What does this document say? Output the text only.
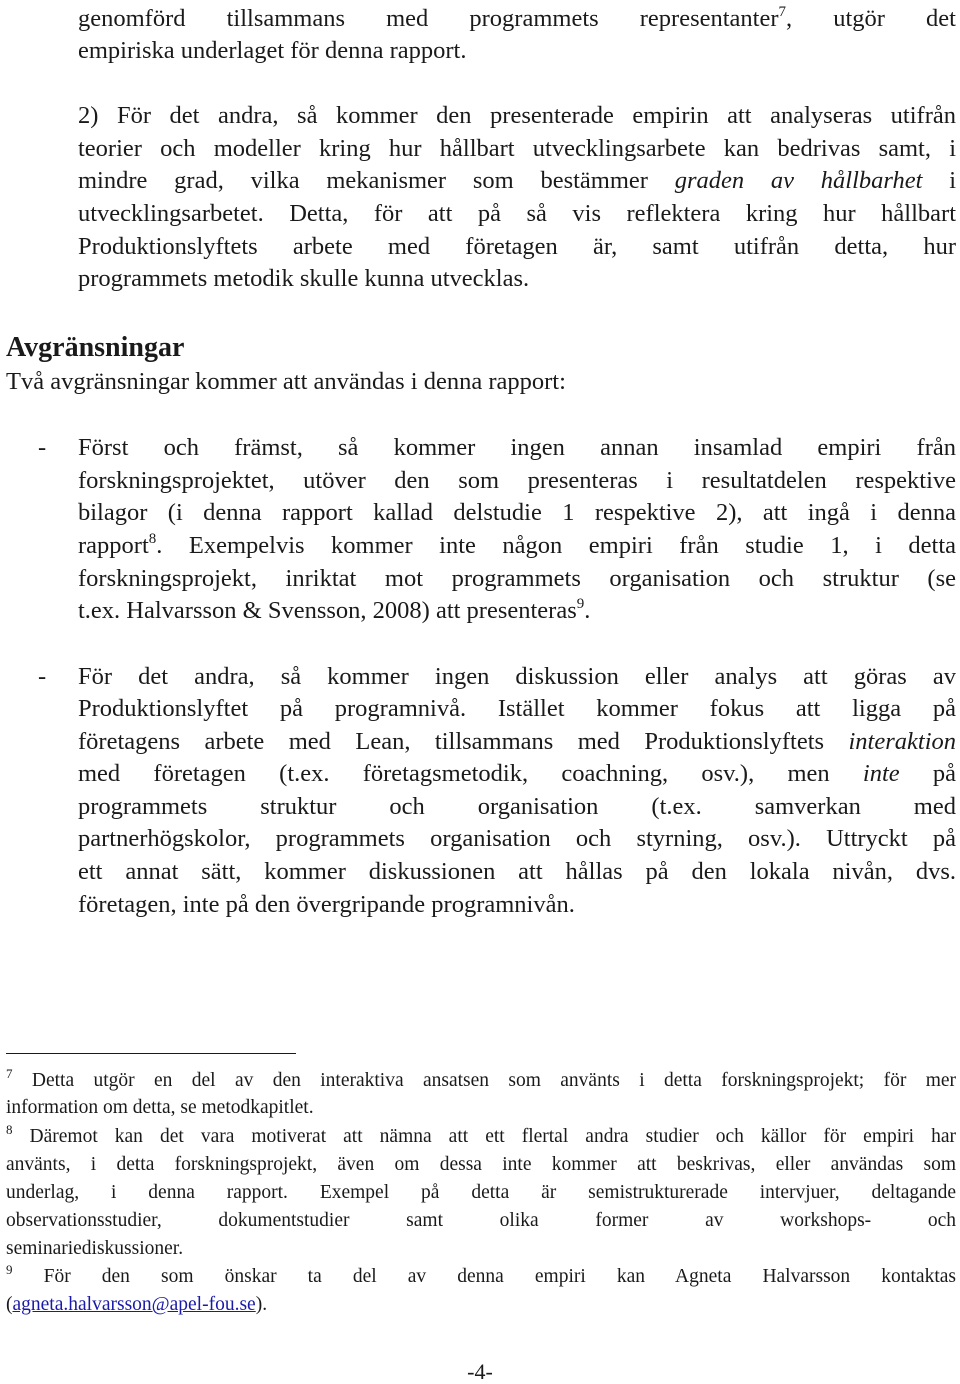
genomförd tillsammans med programmets representanter$^7$, utgör det
empiriska underlaget för denna rapport.
2) För det andra, så kommer den presenterade empirin att analyseras utifrån
teorier och modeller kring hur hållbart utvecklingsarbete kan bedrivas samt, i
mindre grad, vilka mekanismer som bestämmer graden av hållbarhet i
utvecklingsarbetet. Detta, för att på så vis reflektera kring hur hållbart
Produktionslyftets arbete med företagen är, samt utifrån detta, hur
programmets metodik skulle kunna utvecklas.
Avgränsningar
Två avgränsningar kommer att användas i denna rapport:
- Först och främst, så kommer ingen annan insamlad empiri från
forskningsprojektet, utöver den som presenteras i resultatdelen respektive
bilagor (i denna rapport kallad delstudie 1 respektive 2), att ingå i denna
rapport$^8$. Exempelvis kommer inte någon empiri från studie 1, i detta
forskningsprojekt, inriktat mot programmets organisation och struktur (se
t.ex. Halvarsson & Svensson, 2008) att presenteras$^9$.
- För det andra, så kommer ingen diskussion eller analys att göras av
Produktionslyftet på programnivå. Istället kommer fokus att ligga på
företagens arbete med Lean, tillsammans med Produktionslyftets interaktion
med företagen (t.ex. företagsmetodik, coachning, osv.), men inte på
programmets struktur och organisation (t.ex. samverkan med
partnerhögskolor, programmets organisation och styrning, osv.). Uttryckt på
ett annat sätt, kommer diskussionen att hållas på den lokala nivån, dvs.
företagen, inte på den övergripande programnivån.
$^7$ Detta utgör en del av den interaktiva ansatsen som använts i detta forskningsprojekt; för mer
information om detta, se metodkapitlet.
$^8$ Däremot kan det vara motiverat att nämna att ett flertal andra studier och källor för empiri har
använts, i detta forskningsprojekt, även om dessa inte kommer att beskrivas, eller användas som
underlag, i denna rapport. Exempel på detta är semistrukturerade intervjuer, deltagande
observationsstudier, dokumentstudier samt olika former av workshops- och
seminariediskussioner.
$^9$ För den som önskar ta del av denna empiri kan Agneta Halvarsson kontaktas
(agneta.halvarsson@apel-fou.se).
-4-
